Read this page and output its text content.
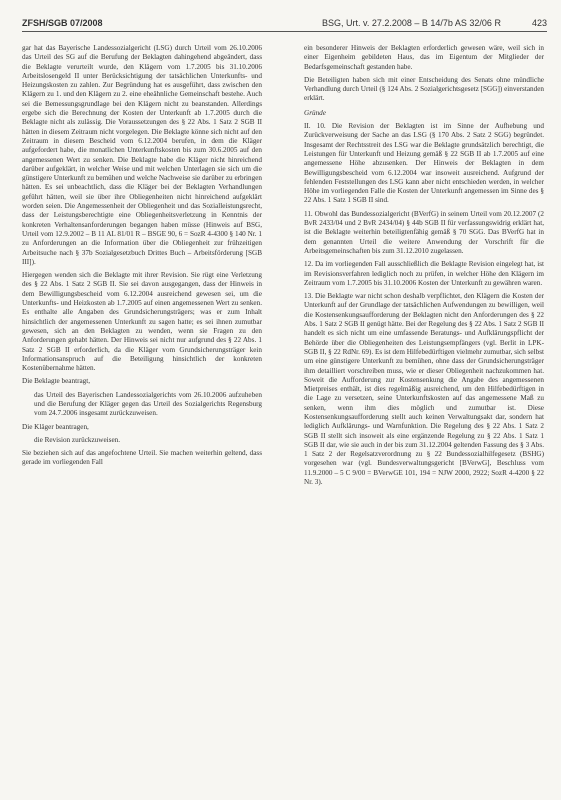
ZFSH/SGB 07/2008	BSG, Urt. v. 27.2.2008 – B 14/7b AS 32/06 R	423

gar hat das Bayerische Landessozialgericht (LSG) durch Urteil vom 26.10.2006 das Urteil des SG auf die Berufung der Beklagten dahingehend abgeändert, dass die Beklagte verurteilt wurde, den Klägern vom 1.7.2005 bis 31.10.2006 Arbeitslosengeld II unter Berücksichtigung der tatsächlichen Unterkunfts- und Heizungskosten zu zahlen. Zur Begründung hat es ausgeführt, dass zwischen den Klägern zu 1. und den Klägern zu 2. eine eheähnliche Gemeinschaft bestehe. Auch sei die Bemessungsgrundlage bei den Klägern nicht zu beanstanden. Allerdings ergebe sich die Berechnung der Kosten der Unterkunft ab 1.7.2005 durch die Beklagte nicht als zulässig. Die Voraussetzungen des § 22 Abs. 1 Satz 2 SGB II hätten in diesem Zeitraum nicht vorgelegen. Die Beklagte könne sich nicht auf den Zeitraum in diesem Bescheid vom 6.12.2004 berufen, in dem die Kläger aufgefordert habe, die monatlichen Unterkunftskosten bis zum 30.6.2005 auf den angemessenen Wert zu senken. Die Beklagte habe die Kläger nicht hinreichend darüber aufgeklärt, in welcher Weise und mit welchen Unterlagen sie sich um die günstigere Unterkunft zu bemühen und welche Nachweise sie darüber zu erbringen hätten. Es sei unbeachtlich, dass die Kläger bei der Beklagten Verhandlungen geführt hätten, weil sie über ihre Obliegenheiten nicht hinreichend aufgeklärt worden seien. Die Angemessenheit der Obliegenheit und das Sozialleistungsrecht, dass der Leistungsberechtigte eine Obliegenheitsverletzung in Kenntnis der konkreten Verhaltensanforderungen begangen haben müsse (Hinweis auf BSG, Urteil vom 12.9.2002 – B 11 AL 81/01 R – BSGE 90, 6 = SozR 4-4300 § 140 Nr. 1 zu Anforderungen an die Information über die Obliegenheit zur frühzeitigen Arbeitsuche nach § 37b Sozialgesetzbuch Drittes Buch – Arbeitsförderung [SGB III]).

Hiergegen wenden sich die Beklagte mit ihrer Revision. Sie rügt eine Verletzung des § 22 Abs. 1 Satz 2 SGB II. Sie sei davon ausgegangen, dass der Hinweis in dem Bewilligungsbescheid vom 6.12.2004 ausreichend gewesen sei, um die Unterkunfts- und Heizkosten ab 1.7.2005 auf einen angemessenen Wert zu senken. Es enthalte alle Angaben des Grundsicherungsträgers; was er zum Inhalt hinsichtlich der angemessenen Unterkunft zu sagen hatte; es sei ihnen zumutbar gewesen, sich an den Beklagten zu wenden, wenn sie Fragen zu den Anforderungen gehabt hätten. Der Hinweis sei nicht nur aufgrund des § 22 Abs. 1 Satz 2 SGB II erforderlich, da die Kläger vom Grundsicherungsträger kein Informationsanspruch auf die Beteiligung hinsichtlich der konkreten Kostenübernahme hätten.

Die Beklagte beantragt,

das Urteil des Bayerischen Landessozialgerichts vom 26.10.2006 aufzuheben und die Berufung der Kläger gegen das Urteil des Sozialgerichts Regensburg vom 24.7.2006 insgesamt zurückzuweisen.

Die Kläger beantragen,

die Revision zurückzuweisen.

Sie beziehen sich auf das angefochtene Urteil. Sie machen weiterhin geltend, dass gerade im vorliegenden Fall

ein besonderer Hinweis der Beklagten erforderlich gewesen wäre, weil sich in einer Eigenheim gebildeten Haus, das im Eigentum der Mitglieder der Bedarfsgemeinschaft gestanden habe.

Die Beteiligten haben sich mit einer Entscheidung des Senats ohne mündliche Verhandlung durch Urteil (§ 124 Abs. 2 Sozialgerichtsgesetz [SGG]) einverstanden erklärt.

Gründe

II. 10. Die Revision der Beklagten ist im Sinne der Aufhebung und Zurückverweisung der Sache an das LSG (§ 170 Abs. 2 Satz 2 SGG) begründet. Insgesamt der Rechtsstreit des LSG war die Beklagte grundsätzlich berechtigt, die Leistungen für Unterkunft und Heizung gemäß § 22 SGB II ab 1.7.2005 auf eine angemessene Höhe abzusenken. Der Hinweis der Beklagten in dem Bewilligungsbescheid vom 6.12.2004 war insoweit ausreichend. Aufgrund der fehlenden Feststellungen des LSG kann aber nicht entschieden werden, in welcher Höhe im vorliegenden Falle die Kosten der Unterkunft angemessen im Sinne des § 22 Abs. 1 Satz 1 SGB II sind.

11. Obwohl das Bundessozialgericht (BVerfG) in seinem Urteil vom 20.12.2007 (2 BvR 2433/04 und 2 BvR 2434/04) § 44b SGB II für verfassungswidrig erklärt hat, ist die Beklagte weiterhin beteiligtenfähig gemäß § 70 SGG. Das BVerfG hat in dem genannten Urteil die weitere Anwendung der Vorschrift für die Arbeitsgemeinschaften bis zum 31.12.2010 zugelassen.

12. Da im vorliegenden Fall ausschließlich die Beklagte Revision eingelegt hat, ist im Revisionsverfahren lediglich noch zu prüfen, in welcher Höhe den Klägern im Zeitraum vom 1.7.2005 bis 31.10.2006 Kosten der Unterkunft zu gewähren waren.

13. Die Beklagte war nicht schon deshalb verpflichtet, den Klägern die Kosten der Unterkunft auf der Grundlage der tatsächlichen Aufwendungen zu bewilligen, weil die Kostensenkungsaufforderung der Beklagten nicht den Anforderungen des § 22 Abs. 1 Satz 2 SGB II genügt hätte. Bei der Regelung des § 22 Abs. 1 Satz 2 SGB II handelt es sich nicht um eine umfassende Beratungs- und Aufklärungspflicht der Behörde über die Obliegenheiten des Leistungsempfängers (vgl. Berlit in LPK-SGB II, § 22 RdNr. 69). Es ist dem Hilfebedürftigen vielmehr zumutbar, sich selbst um eine günstigere Unterkunft zu bemühen, ohne dass der Grundsicherungsträger ihm detailliert vorschreiben muss, wie er dieser Obliegenheit nachzukommen hat. Soweit die Aufforderung zur Kostensenkung die Angabe des angemessenen Mietpreises enthält, ist dies regelmäßig ausreichend, um den Hilfebedürftigen in die Lage zu versetzen, seine Unterkunftskosten auf das angemessene Maß zu senken, wenn ihm dies möglich und zumutbar ist. Diese Kostensenkungsaufforderung stellt auch keinen Verwaltungsakt dar, sondern hat lediglich Aufklärungs- und Warnfunktion. Die Regelung des § 22 Abs. 1 Satz 2 SGB II stellt sich insoweit als eine ergänzende Regelung zu § 22 Abs. 1 Satz 1 SGB II dar, wie sie auch in der bis zum 31.12.2004 geltenden Fassung des § 3 Abs. 1 Satz 2 der Regelsatzverordnung zu § 22 Bundessozialhilfegesetz (BSHG) vorgesehen war (vgl. Bundesverwaltungsgericht [BVerwG], Beschluss vom 11.9.2000 – 5 C 9/00 = BVerwGE 101, 194 = NJW 2000, 2922; SozR 4-4200 § 22 Nr. 3).
